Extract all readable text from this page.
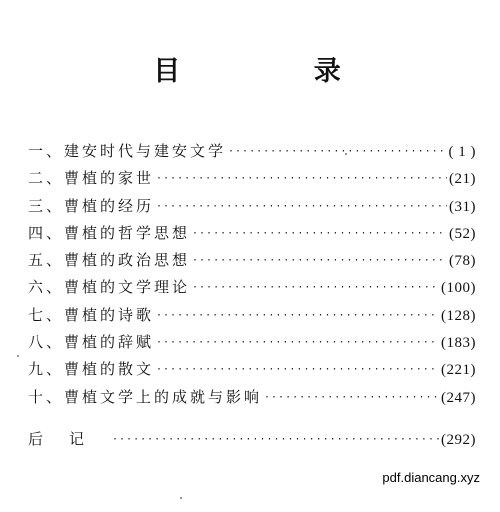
目 录
一、建安时代与建安文学 ·····	( 1 )
二、曹植的家世 ·····	(21)
三、曹植的经历 ·····	(31)
四、曹植的哲学思想 ·····	(52)
五、曹植的政治思想 ·····	(78)
六、曹植的文学理论 ·····	(100)
七、曹植的诗歌 ·····	(128)
八、曹植的辞赋 ·····	(183)
九、曹植的散文 ·····	(221)
十、曹植文学上的成就与影响 ·····	(247)
后记 ·····	(292)
pdf.diancang.xyz
